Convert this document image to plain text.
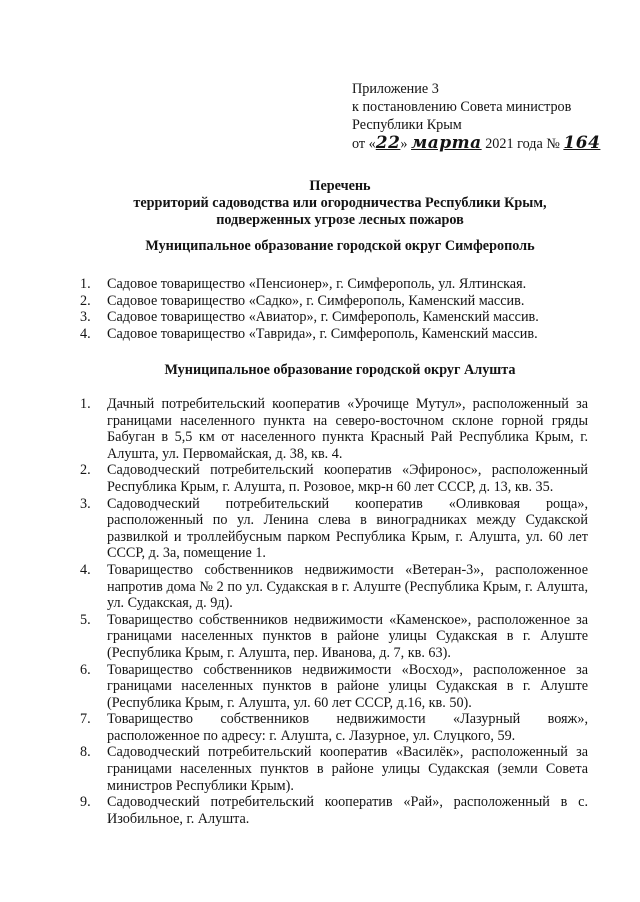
Приложение 3
к постановлению Совета министров
Республики Крым
от «22» марта 2021 года № 164
Перечень
территорий садоводства или огородничества Республики Крым,
подверженных угрозе лесных пожаров
Муниципальное образование городской округ Симферополь
1. Садовое товарищество «Пенсионер», г. Симферополь, ул. Ялтинская.
2. Садовое товарищество «Садко», г. Симферополь, Каменский массив.
3. Садовое товарищество «Авиатор», г. Симферополь, Каменский массив.
4. Садовое товарищество «Таврида», г. Симферополь, Каменский массив.
Муниципальное образование городской округ Алушта
1. Дачный потребительский кооператив «Урочище Мутул», расположенный за границами населенного пункта на северо-восточном склоне горной гряды Бабуган в 5,5 км от населенного пункта Красный Рай Республика Крым, г. Алушта, ул. Первомайская, д. 38, кв. 4.
2. Садоводческий потребительский кооператив «Эфиронос», расположенный Республика Крым, г. Алушта, п. Розовое, мкр-н 60 лет СССР, д. 13, кв. 35.
3. Садоводческий потребительский кооператив «Оливковая роща», расположенный по ул. Ленина слева в виноградниках между Судакской развилкой и троллейбусным парком Республика Крым, г. Алушта, ул. 60 лет СССР, д. 3а, помещение 1.
4. Товарищество собственников недвижимости «Ветеран-3», расположенное напротив дома № 2 по ул. Судакская в г. Алуште (Республика Крым, г. Алушта, ул. Судакская, д. 9д).
5. Товарищество собственников недвижимости «Каменское», расположенное за границами населенных пунктов в районе улицы Судакская в г. Алуште (Республика Крым, г. Алушта, пер. Иванова, д. 7, кв. 63).
6. Товарищество собственников недвижимости «Восход», расположенное за границами населенных пунктов в районе улицы Судакская в г. Алуште (Республика Крым, г. Алушта, ул. 60 лет СССР, д.16, кв. 50).
7. Товарищество собственников недвижимости «Лазурный вояж», расположенное по адресу: г. Алушта, с. Лазурное, ул. Слуцкого, 59.
8. Садоводческий потребительский кооператив «Василёк», расположенный за границами населенных пунктов в районе улицы Судакская (земли Совета министров Республики Крым).
9. Садоводческий потребительский кооператив «Рай», расположенный в с. Изобильное, г. Алушта.
